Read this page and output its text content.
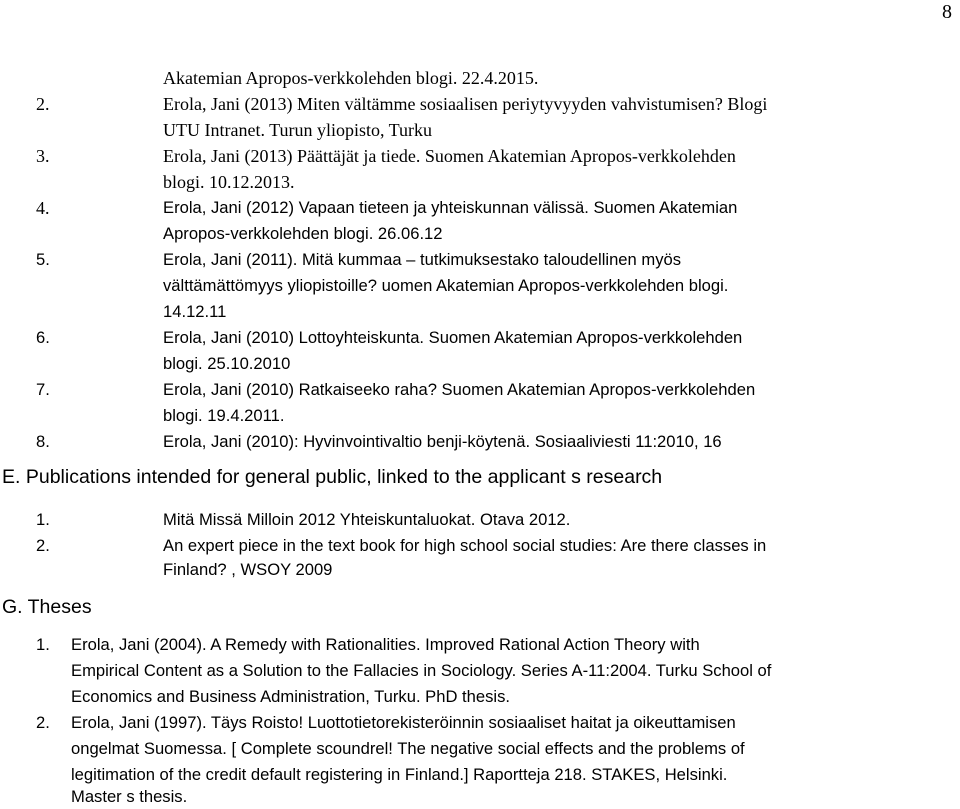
8
Akatemian Apropos-verkkolehden blogi. 22.4.2015.
2.	Erola, Jani (2013) Miten vältämme sosiaalisen periytyvyyden vahvistumisen? Blogi
UTU Intranet. Turun yliopisto, Turku
3.	Erola, Jani (2013) Päättäjät ja tiede. Suomen Akatemian Apropos-verkkolehden
blogi. 10.12.2013.
4.	Erola, Jani (2012) Vapaan tieteen ja yhteiskunnan välissä. Suomen Akatemian
Apropos-verkkolehden blogi. 26.06.12
5.	Erola, Jani (2011). Mitä kummaa – tutkimuksestako taloudellinen myös
välttämättömyys yliopistoille? uomen Akatemian Apropos-verkkolehden blogi.
14.12.11
6.	Erola, Jani (2010) Lottoyhteiskunta. Suomen Akatemian Apropos-verkkolehden
blogi. 25.10.2010
7.	Erola, Jani (2010) Ratkaiseeko raha? Suomen Akatemian Apropos-verkkolehden
blogi. 19.4.2011.
8.	Erola, Jani (2010): Hyvinvointivaltio benji-köytenä. Sosiaaliviesti 11:2010, 16
E. Publications intended for general public, linked to the applicant s research
1.	Mitä Missä Milloin 2012 Yhteiskuntaluokat. Otava 2012.
2.	An expert piece in the text book for high school social studies: Are there classes in
Finland? , WSOY 2009
G. Theses
1. Erola, Jani (2004). A Remedy with Rationalities. Improved Rational Action Theory with
Empirical Content as a Solution to the Fallacies in Sociology. Series A-11:2004. Turku School of
Economics and Business Administration, Turku. PhD thesis.
2. Erola, Jani (1997). Täys Roisto! Luottotietorekisteröinnin sosiaaliset haitat ja oikeuttamisen
ongelmat Suomessa. [ Complete scoundrel! The negative social effects and the problems of
legitimation of the credit default registering in Finland.] Raportteja 218. STAKES, Helsinki.
Master s thesis.
